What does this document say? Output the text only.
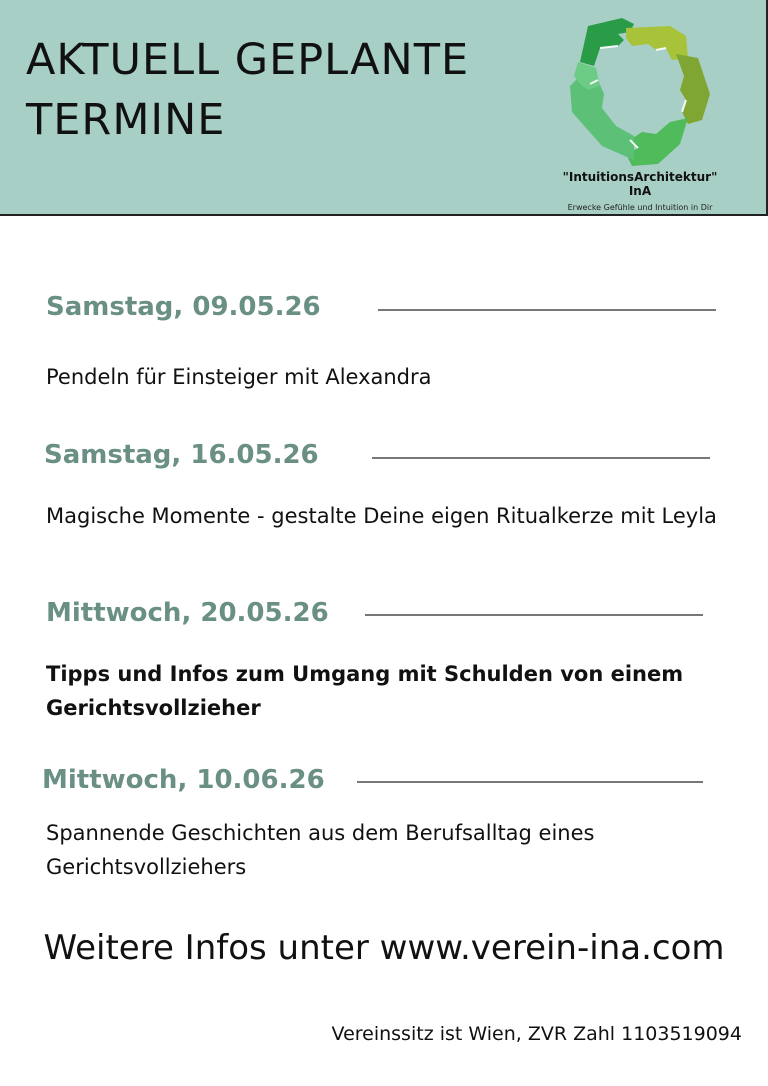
AKTUELL GEPLANTE
TERMINE
"IntuitionsArchitektur"
InA
Erwecke Gefühle und Intuition in Dir
Samstag, 09.05.26
Pendeln für Einsteiger mit Alexandra
Samstag, 16.05.26
Magische Momente - gestalte Deine eigen Ritualkerze mit Leyla
Mittwoch, 20.05.26
Tipps und Infos zum Umgang mit Schulden von einem Gerichtsvollzieher
Mittwoch, 10.06.26
Spannende Geschichten aus dem Berufsalltag eines Gerichtsvollziehers
Weitere Infos unter www.verein-ina.com
Vereinssitz ist Wien, ZVR Zahl 1103519094
